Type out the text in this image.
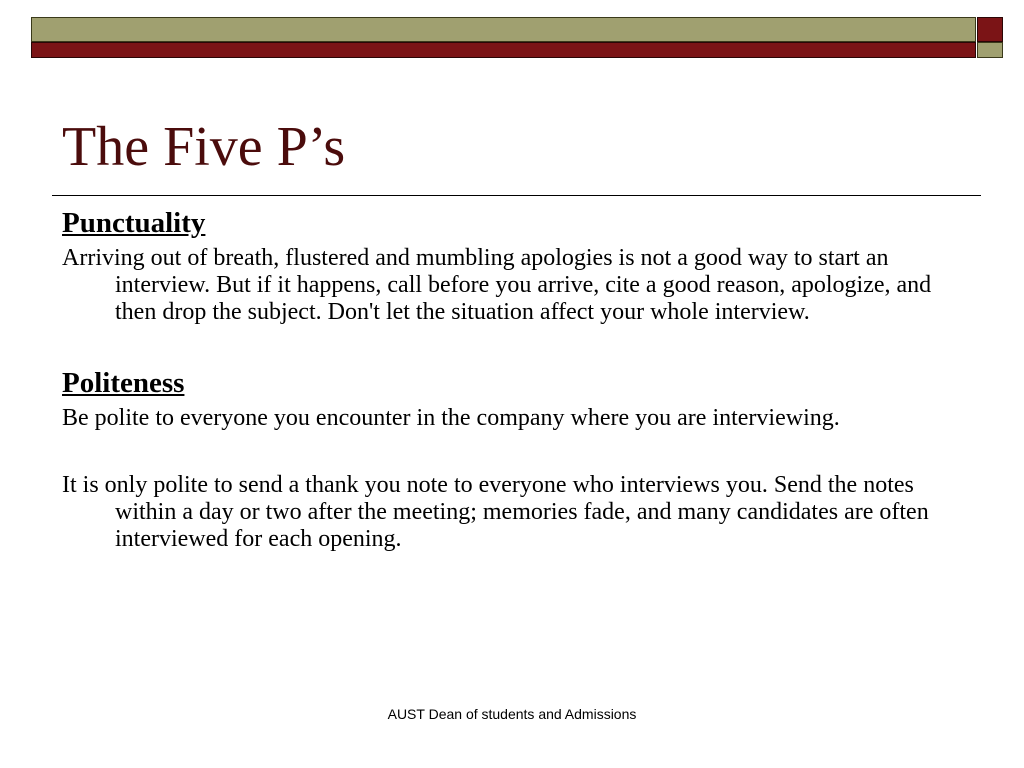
The Five P’s
Punctuality

Arriving out of breath, flustered and mumbling apologies is not a good way to start an interview. But if it happens, call before you arrive, cite a good reason, apologize, and then drop the subject. Don't let the situation affect your whole interview.

Politeness

Be polite to everyone you encounter in the company where you are interviewing.

It is only polite to send a thank you note to everyone who interviews you. Send the notes within a day or two after the meeting; memories fade, and many candidates are often interviewed for each opening.

AUST Dean of students and Admissions
